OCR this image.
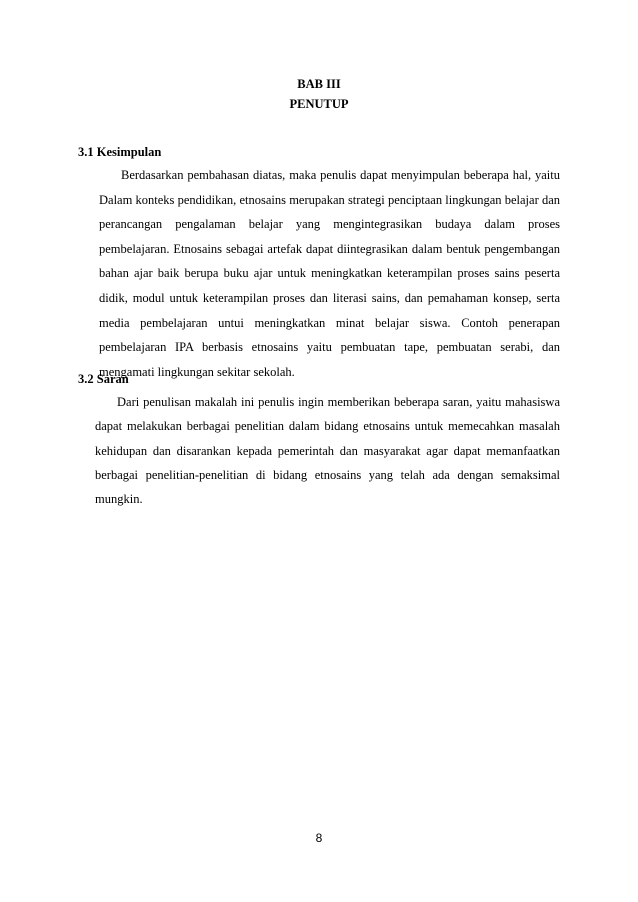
BAB III
PENUTUP

3.1 Kesimpulan

Berdasarkan pembahasan diatas, maka penulis dapat menyimpulan beberapa hal, yaitu Dalam konteks pendidikan, etnosains merupakan strategi penciptaan lingkungan belajar dan perancangan pengalaman belajar yang mengintegrasikan budaya dalam proses pembelajaran. Etnosains sebagai artefak dapat diintegrasikan dalam bentuk pengembangan bahan ajar baik berupa buku ajar untuk meningkatkan keterampilan proses sains peserta didik, modul untuk keterampilan proses dan literasi sains, dan pemahaman konsep, serta media pembelajaran untui meningkatkan minat belajar siswa. Contoh penerapan pembelajaran IPA berbasis etnosains yaitu pembuatan tape, pembuatan serabi, dan mengamati lingkungan sekitar sekolah.

3.2 Saran

Dari penulisan makalah ini penulis ingin memberikan beberapa saran, yaitu mahasiswa dapat melakukan berbagai penelitian dalam bidang etnosains untuk memecahkan masalah kehidupan dan disarankan kepada pemerintah dan masyarakat agar dapat memanfaatkan berbagai penelitian-penelitian di bidang etnosains yang telah ada dengan semaksimal mungkin.

8
